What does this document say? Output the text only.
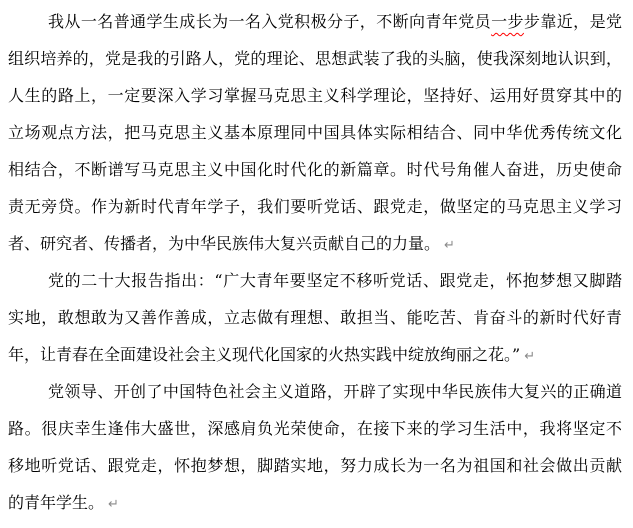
我从一名普通学生成长为一名入党积极分子，不断向青年党员一步步靠近，是党
组织培养的，党是我的引路人，党的理论、思想武装了我的头脑，使我深刻地认识到，
人生的路上，一定要深入学习掌握马克思主义科学理论，坚持好、运用好贯穿其中的
立场观点方法，把马克思主义基本原理同中国具体实际相结合、同中华优秀传统文化
相结合，不断谱写马克思主义中国化时代化的新篇章。时代号角催人奋进，历史使命
责无旁贷。作为新时代青年学子，我们要听党话、跟党走，做坚定的马克思主义学习
者、研究者、传播者，为中华民族伟大复兴贡献自己的力量。 ↵
党的二十大报告指出：“广大青年要坚定不移听党话、跟党走，怀抱梦想又脚踏
实地，敢想敢为又善作善成，立志做有理想、敢担当、能吃苦、肯奋斗的新时代好青
年，让青春在全面建设社会主义现代化国家的火热实践中绽放绚丽之花。” ↵
党领导、开创了中国特色社会主义道路，开辟了实现中华民族伟大复兴的正确道
路。很庆幸生逢伟大盛世，深感肩负光荣使命，在接下来的学习生活中，我将坚定不
移地听党话、跟党走，怀抱梦想，脚踏实地，努力成长为一名为祖国和社会做出贡献
的青年学生。 ↵
